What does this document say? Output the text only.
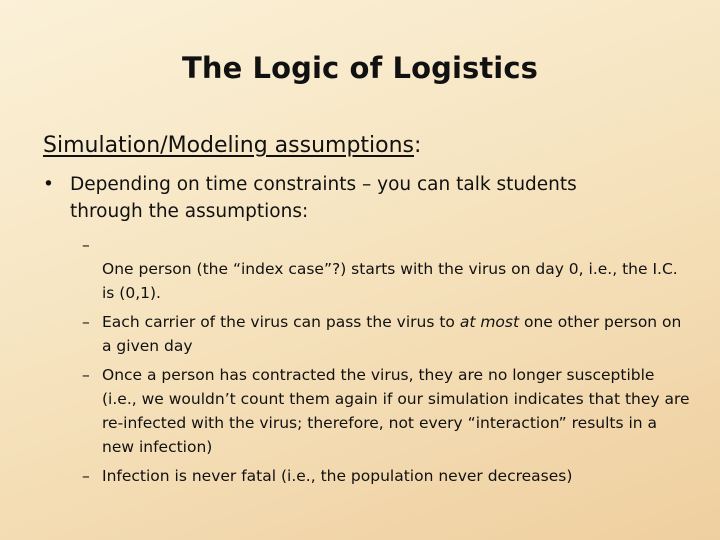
The Logic of Logistics
Simulation/Modeling assumptions:
• Depending on time constraints – you can talk students through the assumptions:
–
One person (the “index case”?) starts with the virus on day 0, i.e., the I.C. is (0,1).
– Each carrier of the virus can pass the virus to at most one other person on a given day
– Once a person has contracted the virus, they are no longer susceptible (i.e., we wouldn’t count them again if our simulation indicates that they are re-infected with the virus; therefore, not every “interaction” results in a new infection)
– Infection is never fatal (i.e., the population never decreases)
